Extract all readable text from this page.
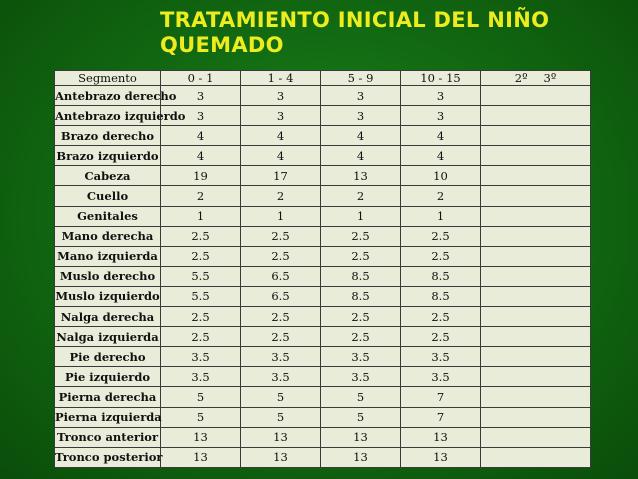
TRATAMIENTO INICIAL DEL NIÑO QUEMADO
Segmento	0 - 1	1 - 4	5 - 9	10 - 15	2º 3º
Antebrazo derecho	3	3	3	3	
Antebrazo izquierdo	3	3	3	3	
Brazo derecho	4	4	4	4	
Brazo izquierdo	4	4	4	4	
Cabeza	19	17	13	10	
Cuello	2	2	2	2	
Genitales	1	1	1	1	
Mano derecha	2.5	2.5	2.5	2.5	
Mano izquierda	2.5	2.5	2.5	2.5	
Muslo derecho	5.5	6.5	8.5	8.5	
Muslo izquierdo	5.5	6.5	8.5	8.5	
Nalga derecha	2.5	2.5	2.5	2.5	
Nalga izquierda	2.5	2.5	2.5	2.5	
Pie derecho	3.5	3.5	3.5	3.5	
Pie izquierdo	3.5	3.5	3.5	3.5	
Pierna derecha	5	5	5	7	
Pierna izquierda	5	5	5	7	
Tronco anterior	13	13	13	13	
Tronco posterior	13	13	13	13	
